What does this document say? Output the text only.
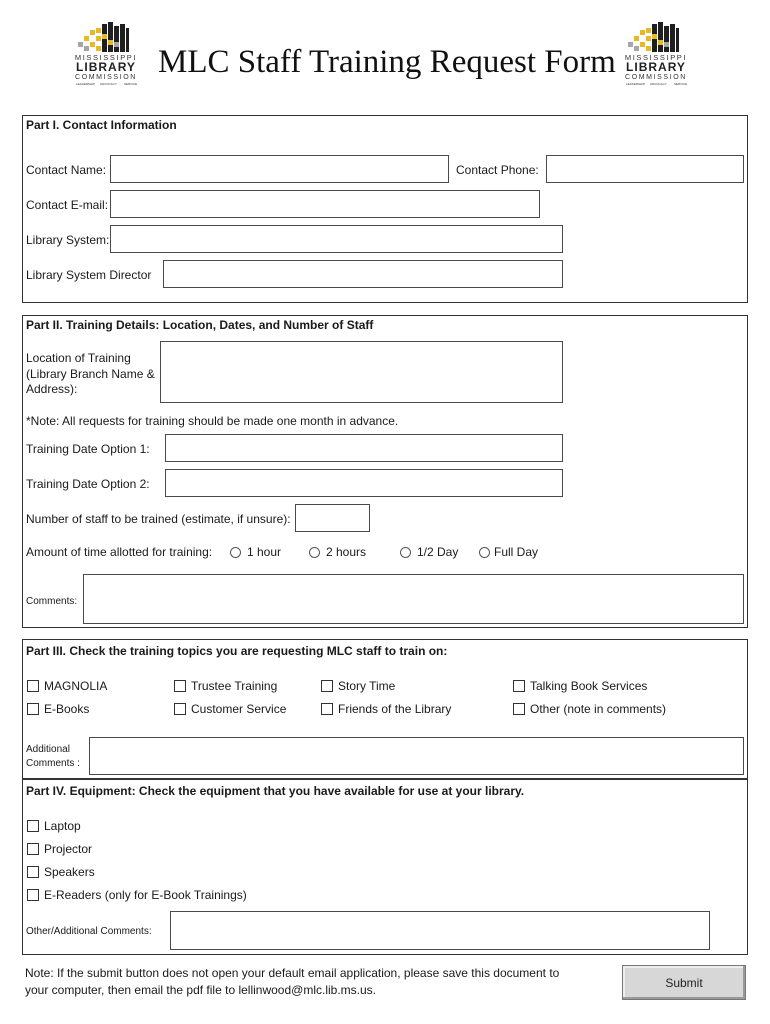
MISSISSIPPI
LIBRARY
COMMISSION
LEADERSHIP ADVOCACY SERVICE
MLC Staff Training Request Form MISSISSIPPI
LIBRARY
COMMISSION
LEADERSHIP ADVOCACY SERVICE
Part I. Contact Information
Contact Name:	Contact Phone:
Contact E-mail:
Library System:
Library System Director
Part II. Training Details: Location, Dates, and Number of Staff
Location of Training
(Library Branch Name &
Address):
*Note: All requests for training should be made one month in advance.
Training Date Option 1:
Training Date Option 2:
Number of staff to be trained (estimate, if unsure):
Amount of time allotted for training:	1 hour	2 hours	1/2 Day	Full Day
Comments:
Part III. Check the training topics you are requesting MLC staff to train on:
MAGNOLIA	Trustee Training	Story Time	Talking Book Services
E-Books	Customer Service	Friends of the Library	Other (note in comments)
Additional
Comments :
Part IV. Equipment: Check the equipment that you have available for use at your library.
Laptop
Projector
Speakers
E-Readers (only for E-Book Trainings)
Other/Additional Comments:
Note: If the submit button does not open your default email application, please save this document to
your computer, then email the pdf file to lellinwood@mlc.lib.ms.us.
Submit
